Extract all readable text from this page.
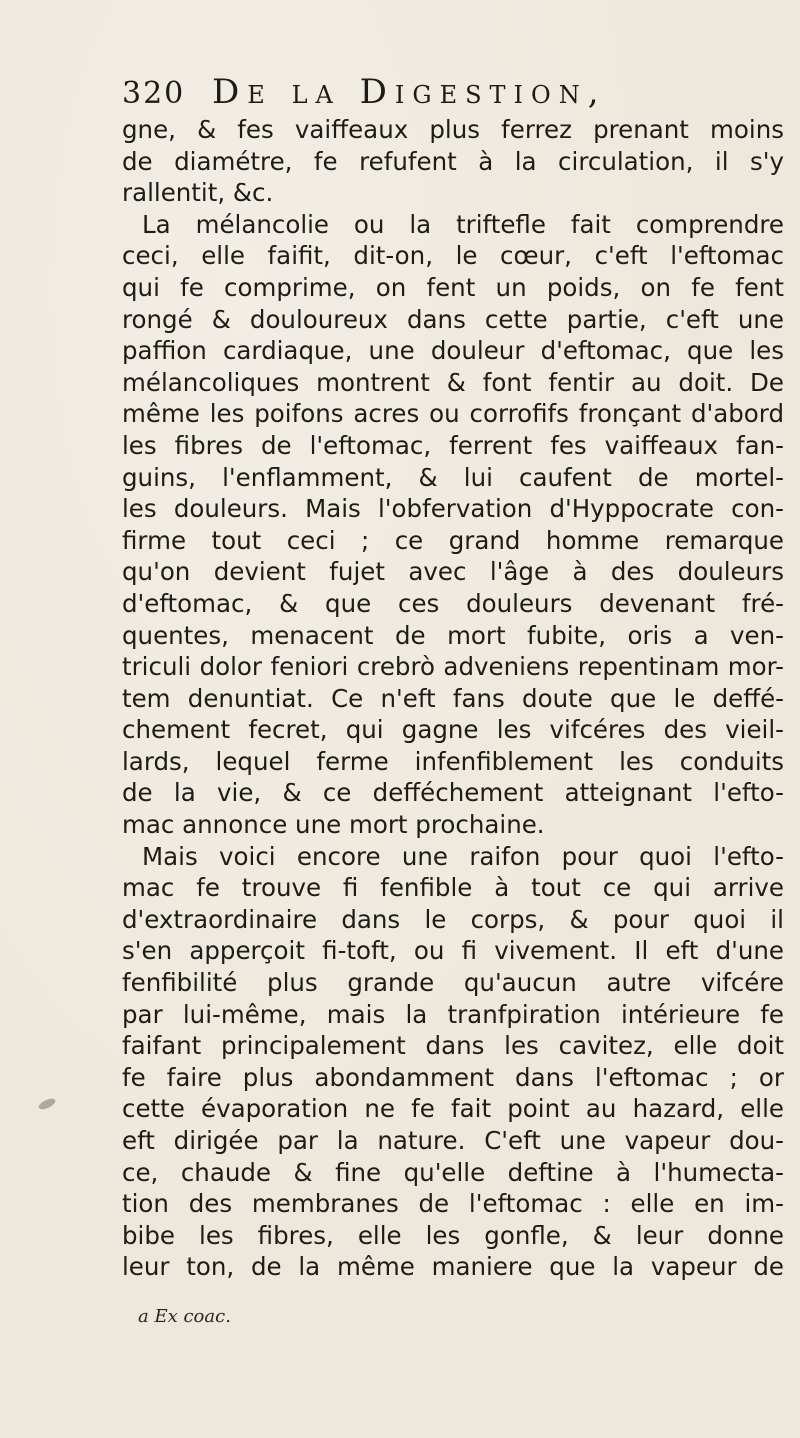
320 De la Digestion,
gne, & fes vaiffeaux plus ferrez prenant moins
de diamétre, fe refufent à la circulation, il s'y
rallentit, &c.
La mélancolie ou la triftefle fait comprendre
ceci, elle faifit, dit-on, le cœur, c'eft l'eftomac
qui fe comprime, on fent un poids, on fe fent
rongé & douloureux dans cette partie, c'eft une
paffion cardiaque, une douleur d'eftomac, que les
mélancoliques montrent & font fentir au doit. De
même les poifons acres ou corrofifs fronçant d'abord
les fibres de l'eftomac, ferrent fes vaiffeaux fan-
guins, l'enflamment, & lui caufent de mortel-
les douleurs. Mais l'obfervation d'Hyppocrate con-
firme tout ceci ; ce grand homme remarque
qu'on devient fujet avec l'âge à des douleurs
d'eftomac, & que ces douleurs devenant fré-
quentes, menacent de mort fubite, oris a ven-
triculi dolor feniori crebrò adveniens repentinam mor-
tem denuntiat. Ce n'eft fans doute que le deffé-
chement fecret, qui gagne les vifcéres des vieil-
lards, lequel ferme infenfiblement les conduits
de la vie, & ce defféchement atteignant l'efto-
mac annonce une mort prochaine.
Mais voici encore une raifon pour quoi l'efto-
mac fe trouve fi fenfible à tout ce qui arrive
d'extraordinaire dans le corps, & pour quoi il
s'en apperçoit fi-toft, ou fi vivement. Il eft d'une
fenfibilité plus grande qu'aucun autre vifcére
par lui-même, mais la tranfpiration intérieure fe
faifant principalement dans les cavitez, elle doit
fe faire plus abondamment dans l'eftomac ; or
cette évaporation ne fe fait point au hazard, elle
eft dirigée par la nature. C'eft une vapeur dou-
ce, chaude & fine qu'elle deftine à l'humecta-
tion des membranes de l'eftomac : elle en im-
bibe les fibres, elle les gonfle, & leur donne
leur ton, de la même maniere que la vapeur de
a Ex coac.
